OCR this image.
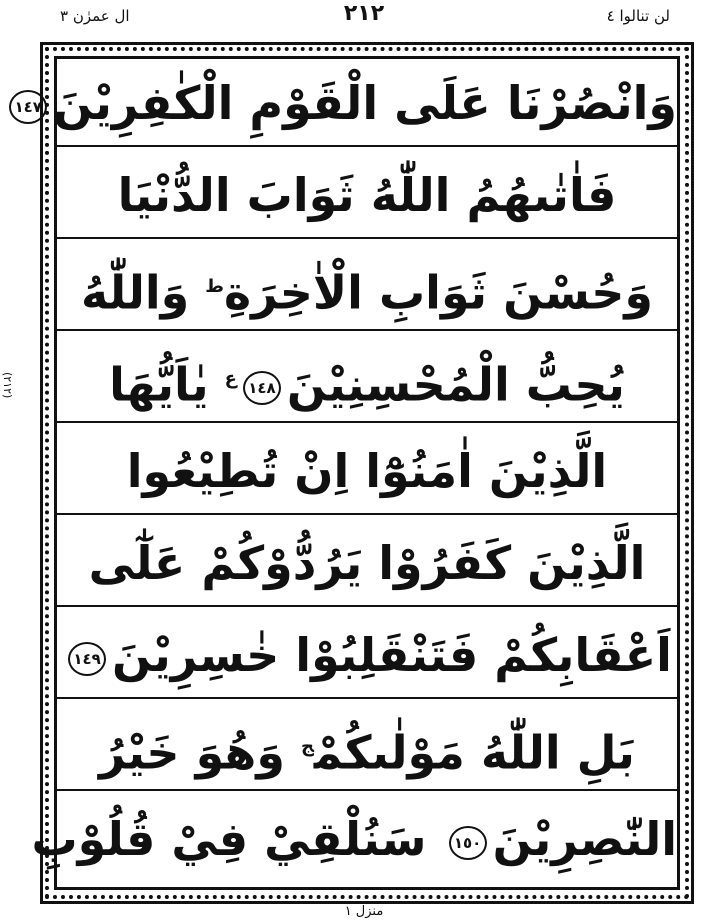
لن تنالوا ٤
٢١٢
ال عمرٰن ٣
وَانْصُرْنَا عَلَى الْقَوْمِ الْكٰفِرِيْنَ١٤٧
فَاٰتٰىهُمُ اللّٰهُ ثَوَابَ الدُّنْيَا
وَحُسْنَ ثَوَابِ الْاٰخِرَةِ$^ط$ وَاللّٰهُ
يُحِبُّ $الْمُحْسِنِيْنَ١٤٨^ع$ يٰاَيُّهَا
الَّذِيْنَ اٰمَنُوْٓا اِنْ تُطِيْعُوا
الَّذِيْنَ كَفَرُوْا يَرُدُّوْكُمْ عَلٰٓى
اَعْقَابِكُمْ فَتَنْقَلِبُوْا خٰسِرِيْنَ١٤٩
بَلِ اللّٰهُ مَوْلٰىكُمْ$^ج$ وَهُوَ خَيْرُ
النّٰصِرِيْنَ١٥٠ سَنُلْقِيْ فِيْ قُلُوْبِ
(٢١٢)
منزل ١
